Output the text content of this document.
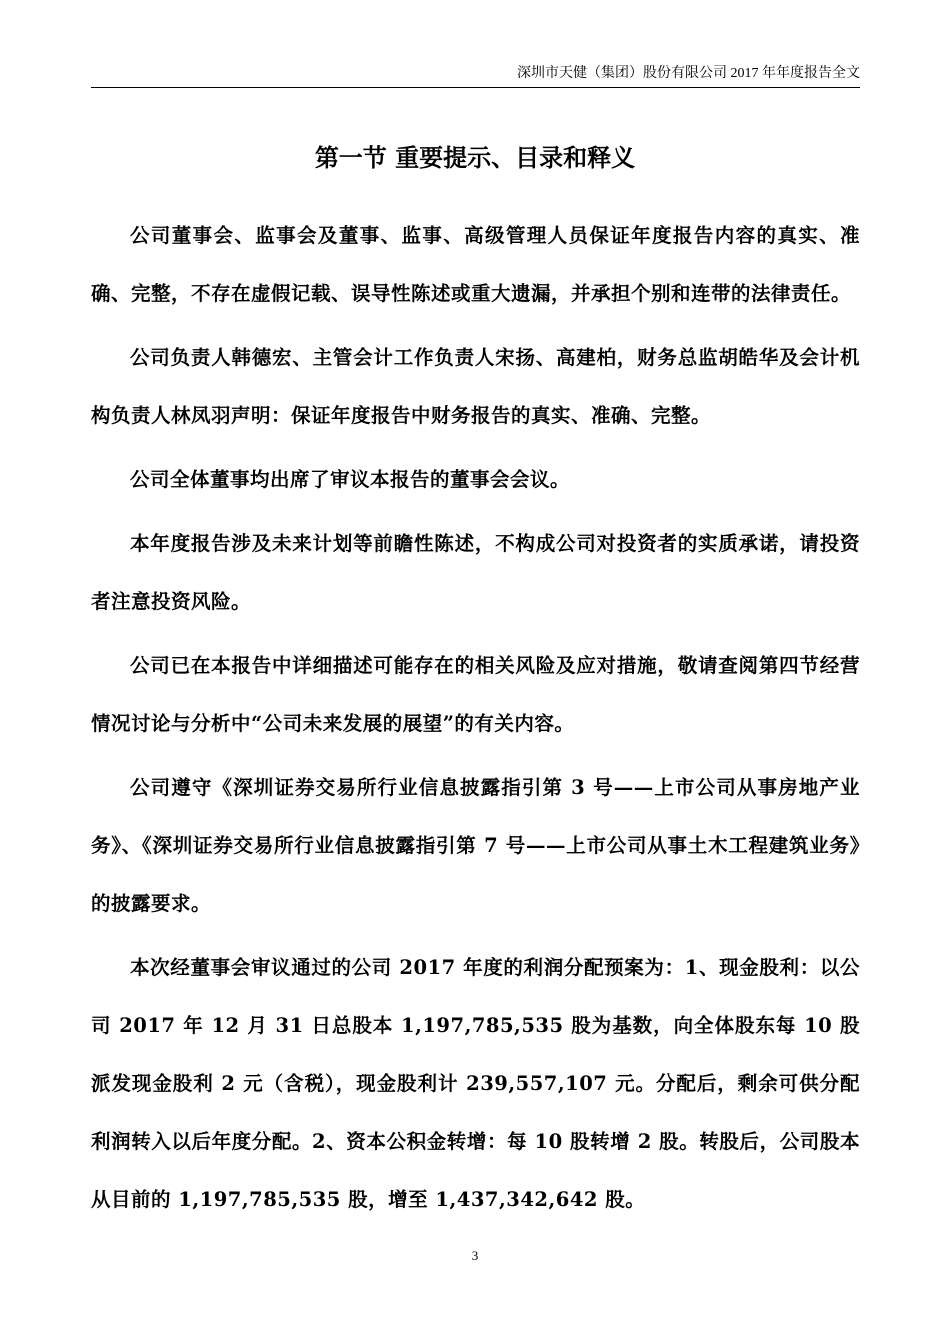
深圳市天健（集团）股份有限公司 2017 年年度报告全文
第一节 重要提示、目录和释义

公司董事会、监事会及董事、监事、高级管理人员保证年度报告内容的真实、准确、完整，不存在虚假记载、误导性陈述或重大遗漏，并承担个别和连带的法律责任。

公司负责人韩德宏、主管会计工作负责人宋扬、高建柏，财务总监胡皓华及会计机构负责人林凤羽声明：保证年度报告中财务报告的真实、准确、完整。

公司全体董事均出席了审议本报告的董事会会议。

本年度报告涉及未来计划等前瞻性陈述，不构成公司对投资者的实质承诺，请投资者注意投资风险。

公司已在本报告中详细描述可能存在的相关风险及应对措施，敬请查阅第四节经营情况讨论与分析中“公司未来发展的展望”的有关内容。

公司遵守《深圳证券交易所行业信息披露指引第 3 号——上市公司从事房地产业务》、《深圳证券交易所行业信息披露指引第 7 号——上市公司从事土木工程建筑业务》的披露要求。

本次经董事会审议通过的公司 2017 年度的利润分配预案为：1、现金股利：以公司 2017 年 12 月 31 日总股本 1,197,785,535 股为基数，向全体股东每 10 股派发现金股利 2 元（含税），现金股利计 239,557,107 元。分配后，剩余可供分配利润转入以后年度分配。2、资本公积金转增：每 10 股转增 2 股。转股后，公司股本从目前的 1,197,785,535 股，增至 1,437,342,642 股。

3
